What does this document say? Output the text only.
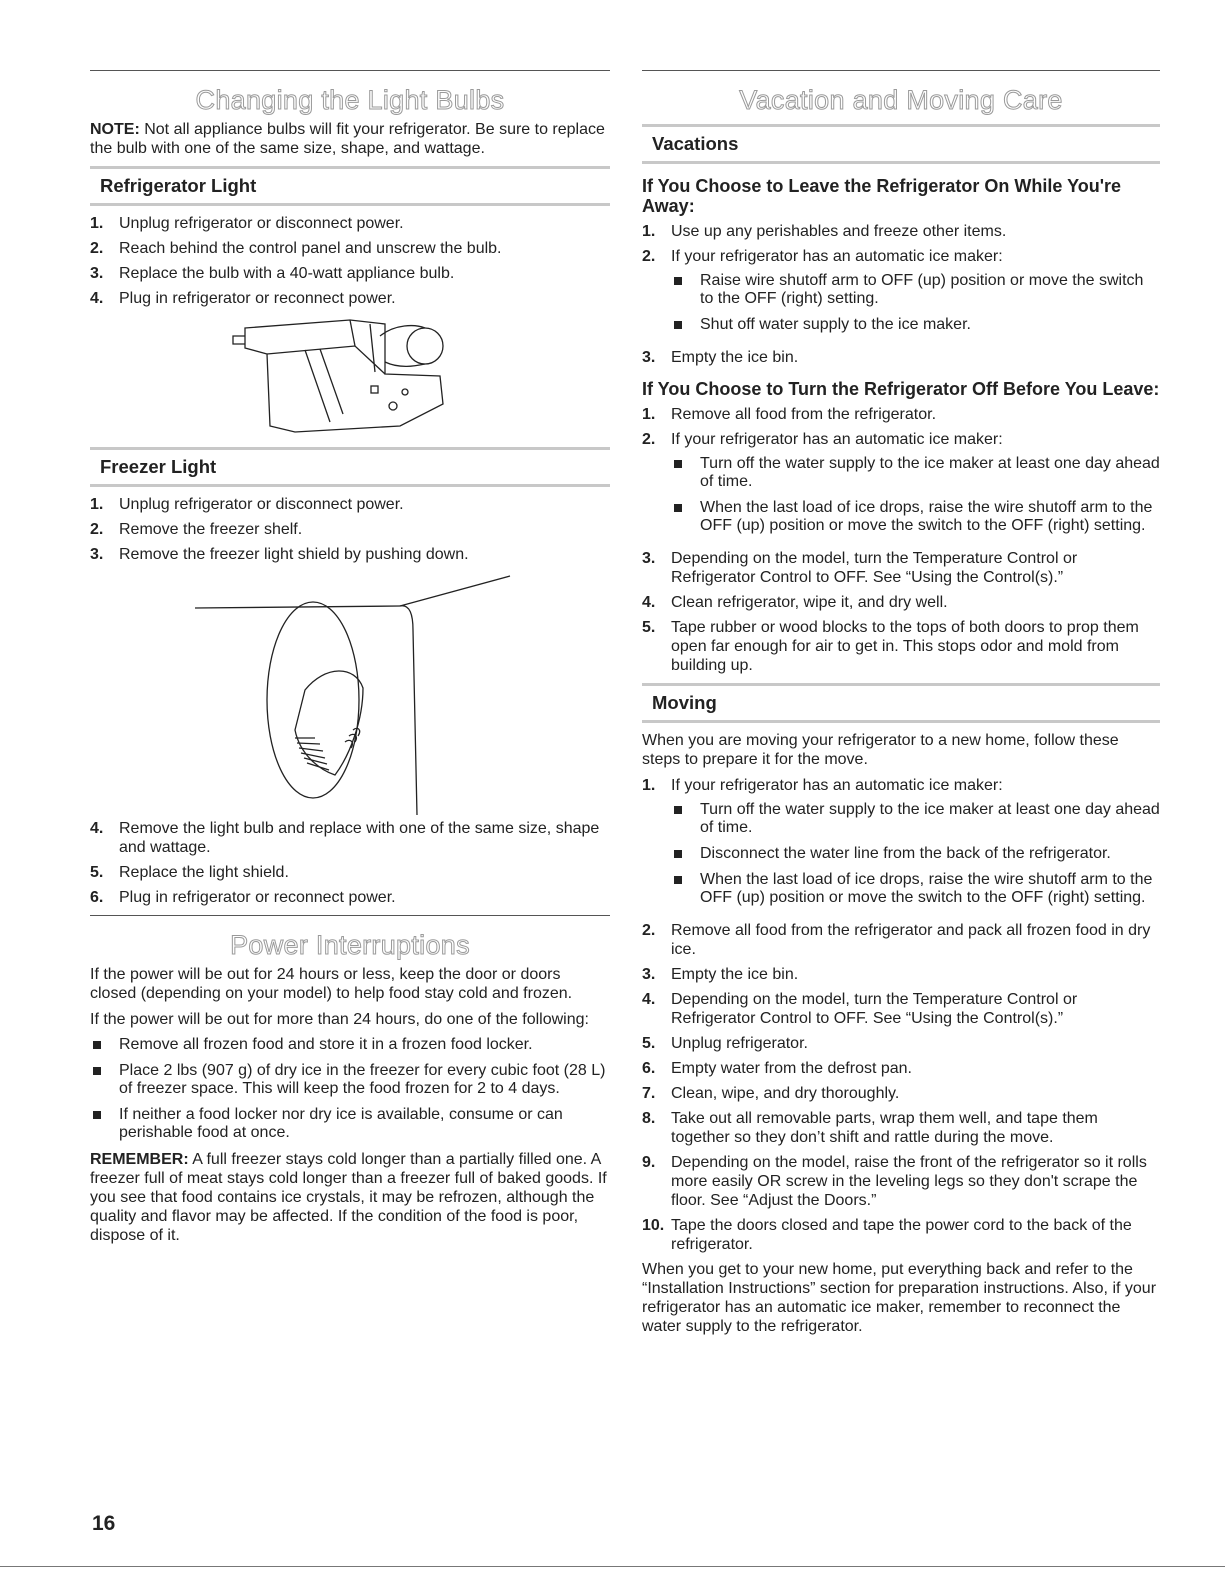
Changing the Light Bulbs

NOTE: Not all appliance bulbs will fit your refrigerator. Be sure to replace the bulb with one of the same size, shape, and wattage.

Refrigerator Light
1. Unplug refrigerator or disconnect power.
2. Reach behind the control panel and unscrew the bulb.
3. Replace the bulb with a 40-watt appliance bulb.
4. Plug in refrigerator or reconnect power.
Freezer Light
1. Unplug refrigerator or disconnect power.
2. Remove the freezer shelf.
3. Remove the freezer light shield by pushing down.
4. Remove the light bulb and replace with one of the same size, shape and wattage.
5. Replace the light shield.
6. Plug in refrigerator or reconnect power.
Power Interruptions

If the power will be out for 24 hours or less, keep the door or doors closed (depending on your model) to help food stay cold and frozen.

If the power will be out for more than 24 hours, do one of the following:

Remove all frozen food and store it in a frozen food locker.
Place 2 lbs (907 g) of dry ice in the freezer for every cubic foot (28 L) of freezer space. This will keep the food frozen for 2 to 4 days.
If neither a food locker nor dry ice is available, consume or can perishable food at once.

REMEMBER: A full freezer stays cold longer than a partially filled one. A freezer full of meat stays cold longer than a freezer full of baked goods. If you see that food contains ice crystals, it may be refrozen, although the quality and flavor may be affected. If the condition of the food is poor, dispose of it.

Vacation and Moving Care
Vacations
If You Choose to Leave the Refrigerator On While You're Away:
1. Use up any perishables and freeze other items.
2. If your refrigerator has an automatic ice maker:
Raise wire shutoff arm to OFF (up) position or move the switch to the OFF (right) setting.
Shut off water supply to the ice maker.
3. Empty the ice bin.
If You Choose to Turn the Refrigerator Off Before You Leave:
1. Remove all food from the refrigerator.
2. If your refrigerator has an automatic ice maker:
Turn off the water supply to the ice maker at least one day ahead of time.
When the last load of ice drops, raise the wire shutoff arm to the OFF (up) position or move the switch to the OFF (right) setting.
3. Depending on the model, turn the Temperature Control or Refrigerator Control to OFF. See “Using the Control(s).”
4. Clean refrigerator, wipe it, and dry well.
5. Tape rubber or wood blocks to the tops of both doors to prop them open far enough for air to get in. This stops odor and mold from building up.
Moving

When you are moving your refrigerator to a new home, follow these steps to prepare it for the move.

1. If your refrigerator has an automatic ice maker:
Turn off the water supply to the ice maker at least one day ahead of time.
Disconnect the water line from the back of the refrigerator.
When the last load of ice drops, raise the wire shutoff arm to the OFF (up) position or move the switch to the OFF (right) setting.
2. Remove all food from the refrigerator and pack all frozen food in dry ice.
3. Empty the ice bin.
4. Depending on the model, turn the Temperature Control or Refrigerator Control to OFF. See “Using the Control(s).”
5. Unplug refrigerator.
6. Empty water from the defrost pan.
7. Clean, wipe, and dry thoroughly.
8. Take out all removable parts, wrap them well, and tape them together so they don’t shift and rattle during the move.
9. Depending on the model, raise the front of the refrigerator so it rolls more easily OR screw in the leveling legs so they don't scrape the floor. See “Adjust the Doors.”
10. Tape the doors closed and tape the power cord to the back of the refrigerator.

When you get to your new home, put everything back and refer to the “Installation Instructions” section for preparation instructions. Also, if your refrigerator has an automatic ice maker, remember to reconnect the water supply to the refrigerator.

16
